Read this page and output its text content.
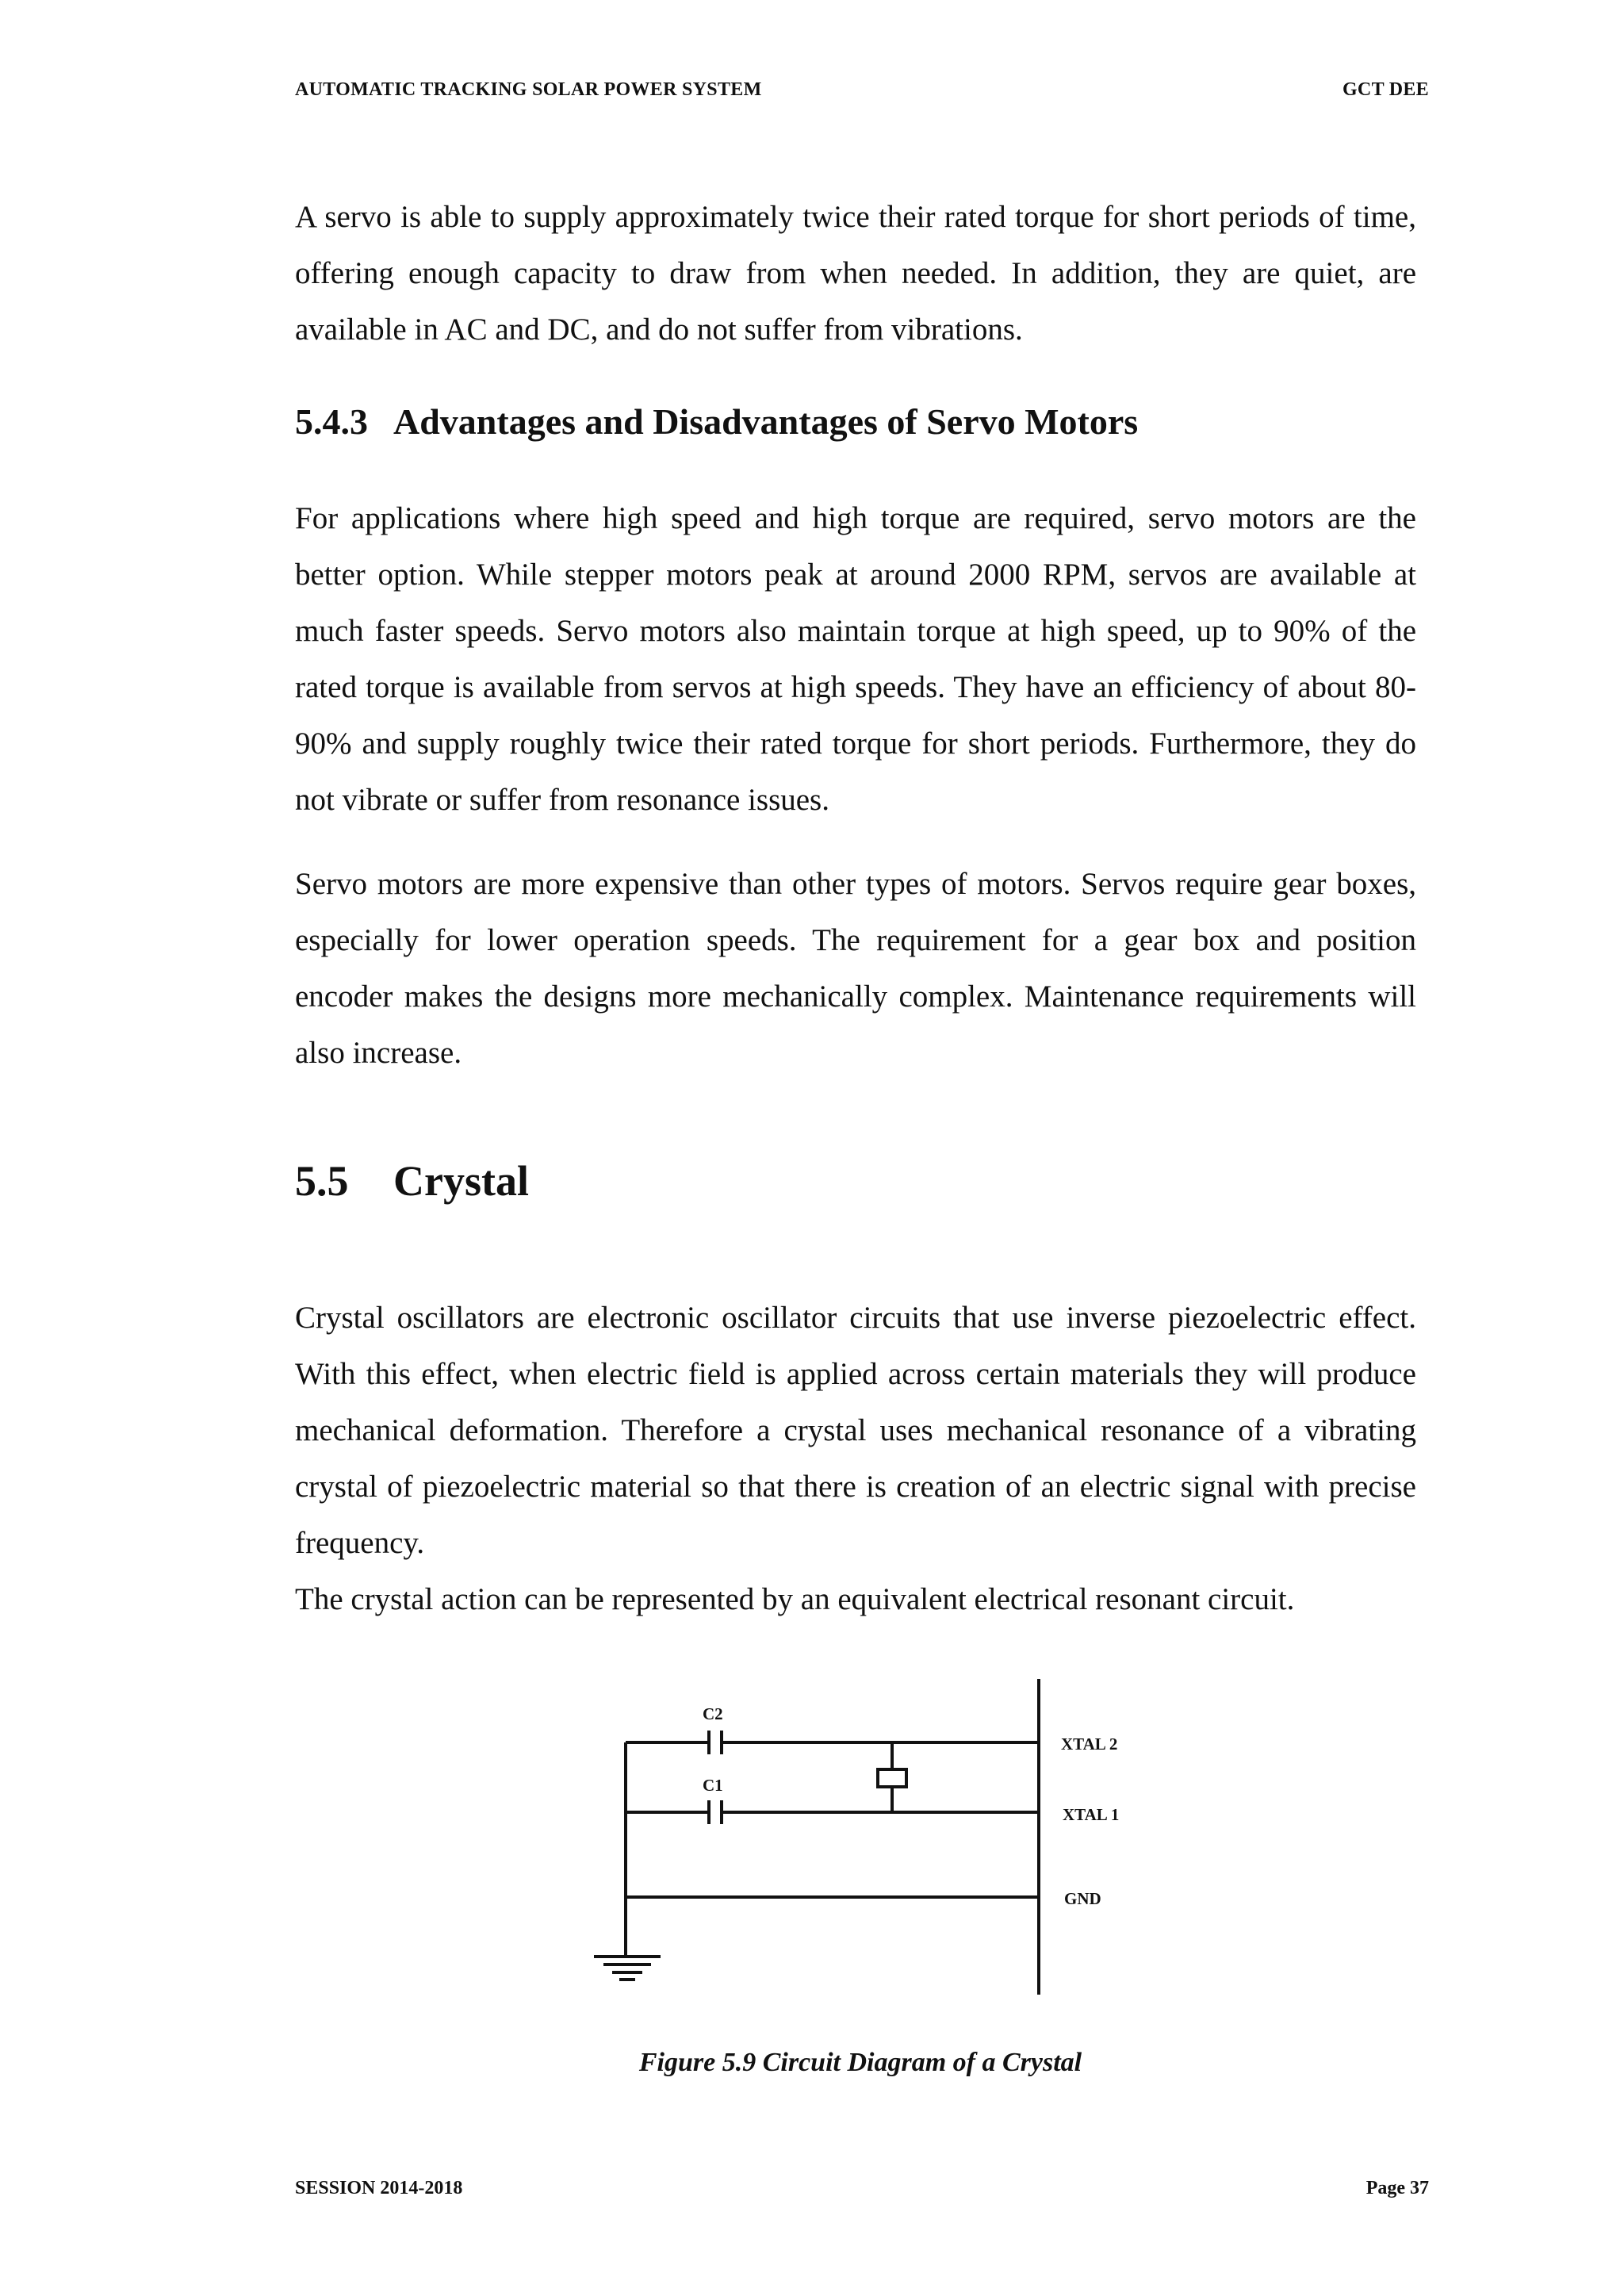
AUTOMATIC TRACKING SOLAR POWER SYSTEM	GCT DEE

A servo is able to supply approximately twice their rated torque for short periods of time, offering enough capacity to draw from when needed. In addition, they are quiet, are available in AC and DC, and do not suffer from vibrations.

5.4.3 Advantages and Disadvantages of Servo Motors

For applications where high speed and high torque are required, servo motors are the better option. While stepper motors peak at around 2000 RPM, servos are available at much faster speeds. Servo motors also maintain torque at high speed, up to 90% of the rated torque is available from servos at high speeds. They have an efficiency of about 80-90% and supply roughly twice their rated torque for short periods. Furthermore, they do not vibrate or suffer from resonance issues.

Servo motors are more expensive than other types of motors. Servos require gear boxes, especially for lower operation speeds. The requirement for a gear box and position encoder makes the designs more mechanically complex. Maintenance requirements will also increase.

5.5 Crystal

Crystal oscillators are electronic oscillator circuits that use inverse piezoelectric effect. With this effect, when electric field is applied across certain materials they will produce mechanical deformation. Therefore a crystal uses mechanical resonance of a vibrating crystal of piezoelectric material so that there is creation of an electric signal with precise frequency.

The crystal action can be represented by an equivalent electrical resonant circuit.

C2
C1
XTAL 2
XTAL 1
GND

Figure 5.9 Circuit Diagram of a Crystal

SESSION 2014-2018	Page 37
